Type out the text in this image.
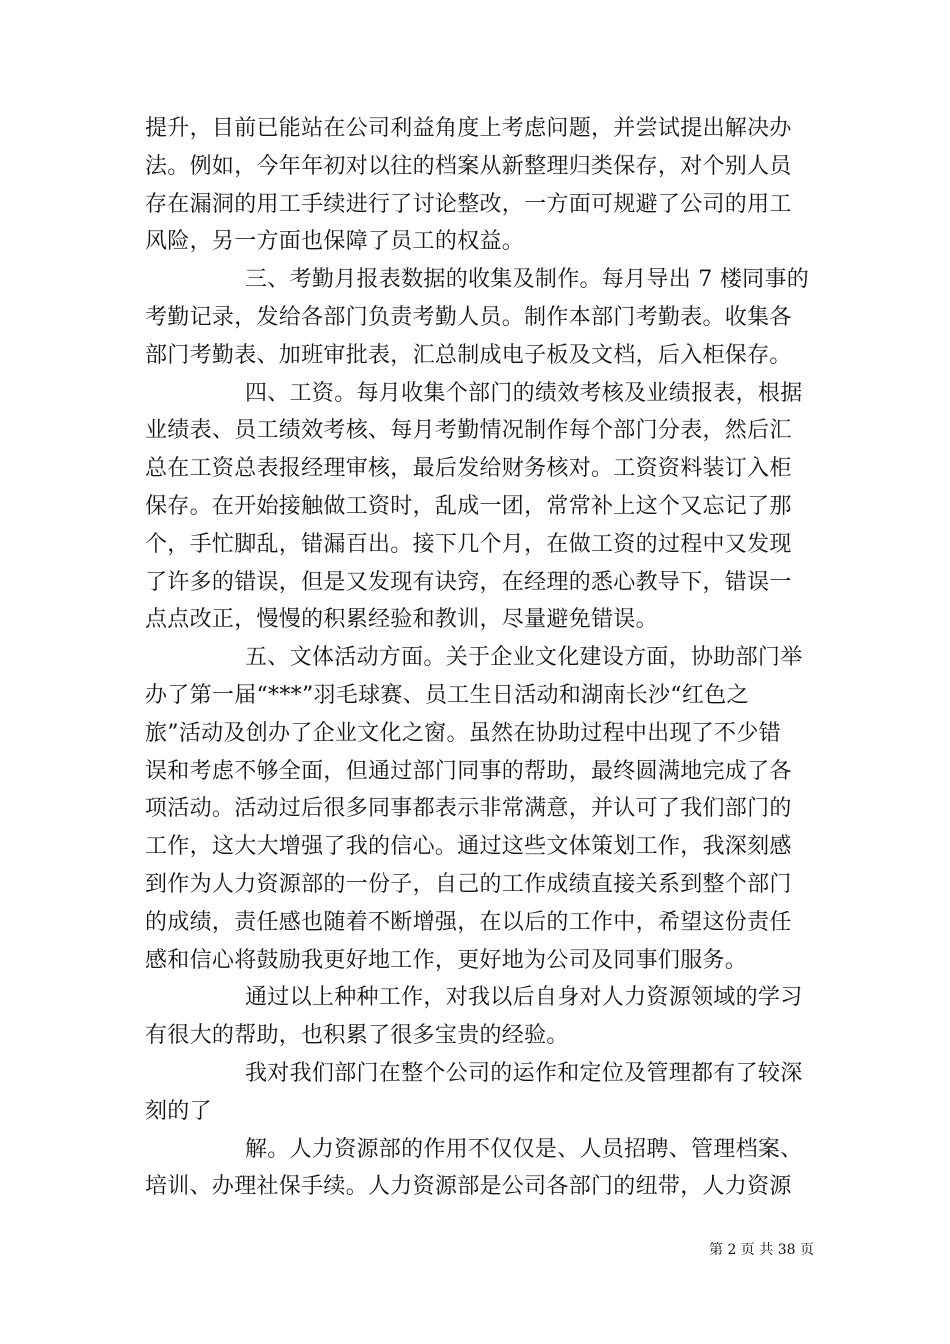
提升，目前已能站在公司利益角度上考虑问题，并尝试提出解决办
法。例如，今年年初对以往的档案从新整理归类保存，对个别人员
存在漏洞的用工手续进行了讨论整改，一方面可规避了公司的用工
风险，另一方面也保障了员工的权益。
三、考勤月报表数据的收集及制作。每月导出 7 楼同事的
考勤记录，发给各部门负责考勤人员。制作本部门考勤表。收集各
部门考勤表、加班审批表，汇总制成电子板及文档，后入柜保存。
四、工资。每月收集个部门的绩效考核及业绩报表，根据
业绩表、员工绩效考核、每月考勤情况制作每个部门分表，然后汇
总在工资总表报经理审核，最后发给财务核对。工资资料装订入柜
保存。在开始接触做工资时，乱成一团，常常补上这个又忘记了那
个，手忙脚乱，错漏百出。接下几个月，在做工资的过程中又发现
了许多的错误，但是又发现有诀窍，在经理的悉心教导下，错误一
点点改正，慢慢的积累经验和教训，尽量避免错误。
五、文体活动方面。关于企业文化建设方面，协助部门举
办了第一届“***”羽毛球赛、员工生日活动和湖南长沙“红色之
旅”活动及创办了企业文化之窗。虽然在协助过程中出现了不少错
误和考虑不够全面，但通过部门同事的帮助，最终圆满地完成了各
项活动。活动过后很多同事都表示非常满意，并认可了我们部门的
工作，这大大增强了我的信心。通过这些文体策划工作，我深刻感
到作为人力资源部的一份子，自己的工作成绩直接关系到整个部门
的成绩，责任感也随着不断增强，在以后的工作中，希望这份责任
感和信心将鼓励我更好地工作，更好地为公司及同事们服务。
通过以上种种工作，对我以后自身对人力资源领域的学习
有很大的帮助，也积累了很多宝贵的经验。
我对我们部门在整个公司的运作和定位及管理都有了较深
刻的了
解。人力资源部的作用不仅仅是、人员招聘、管理档案、
培训、办理社保手续。人力资源部是公司各部门的纽带，人力资源
第 2 页 共 38 页
